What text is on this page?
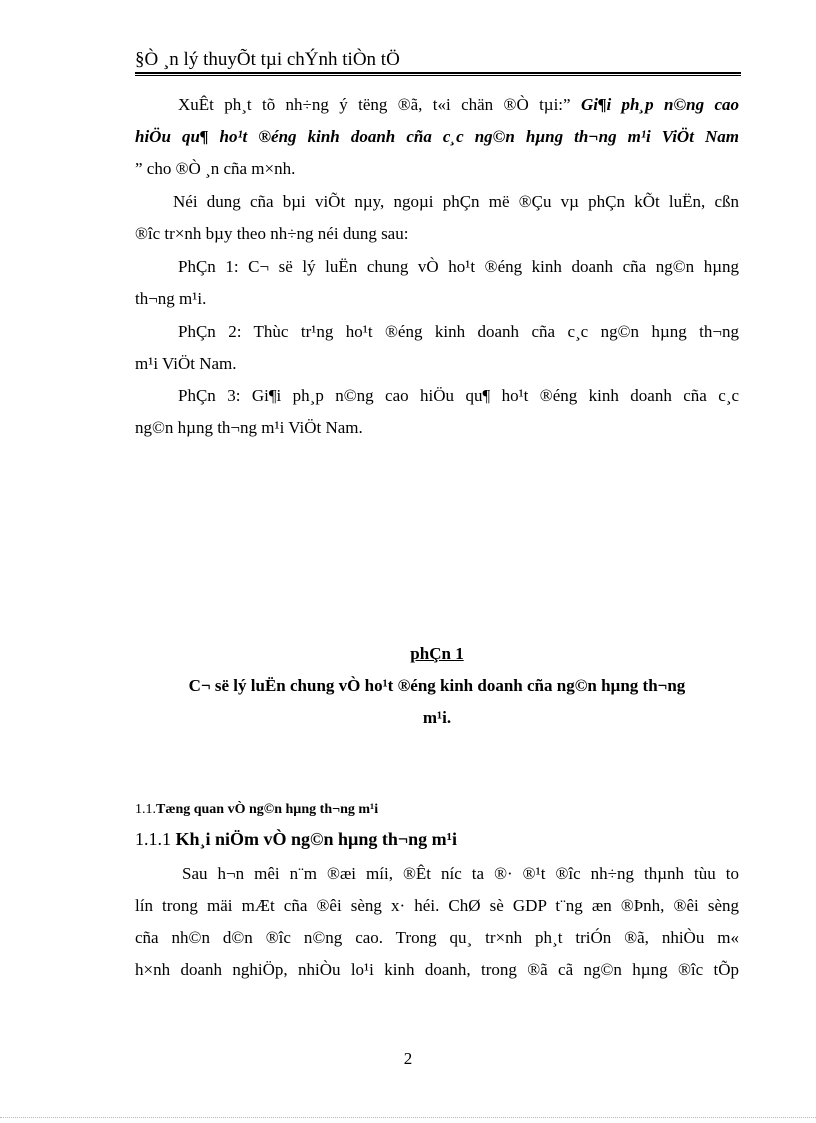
§Ò ¸n lý thuyÕt tµi chÝnh tiÒn tÖ
XuÊt ph¸t tõ nh÷ng ý tëng ®ã, t«i chän ®Ò tµi:” Gi¶i ph¸p n©ng cao
hiÖu qu¶ ho¹t ®éng kinh doanh cña c¸c ng©n hµng th¬ng m¹i ViÖt Nam
” cho ®Ò ¸n cña m×nh.
Néi dung cña bµi viÕt nµy, ngoµi phÇn më ®Çu vµ phÇn kÕt luËn, cßn
®îc tr×nh bµy theo nh÷ng néi dung sau:
PhÇn 1: C¬ së lý luËn chung vÒ ho¹t ®éng kinh doanh cña ng©n hµng
th¬ng m¹i.
PhÇn 2: Thùc tr¹ng ho¹t ®éng kinh doanh cña c¸c ng©n hµng th¬ng
m¹i ViÖt Nam.
PhÇn 3: Gi¶i ph¸p n©ng cao hiÖu qu¶ ho¹t ®éng kinh doanh cña c¸c
ng©n hµng th¬ng m¹i ViÖt Nam.
phÇn 1
C¬ së lý luËn chung vÒ ho¹t ®éng kinh doanh cña ng©n hµng th¬ng
m¹i.
1.1.Tæng quan vÒ ng©n hµng th¬ng m¹i
1.1.1 Kh¸i niÖm vÒ ng©n hµng th¬ng m¹i
Sau h¬n mêi n¨m ®æi míi, ®Êt níc ta ®· ®¹t ®îc nh÷ng thµnh tùu to
lín trong mäi mÆt cña ®êi sèng x· héi. ChØ sè GDP t¨ng æn ®Þnh, ®êi sèng
cña nh©n d©n ®îc n©ng cao. Trong qu¸ tr×nh ph¸t triÓn ®ã, nhiÒu m«
h×nh doanh nghiÖp, nhiÒu lo¹i kinh doanh, trong ®ã cã ng©n hµng ®îc tÕp
2
